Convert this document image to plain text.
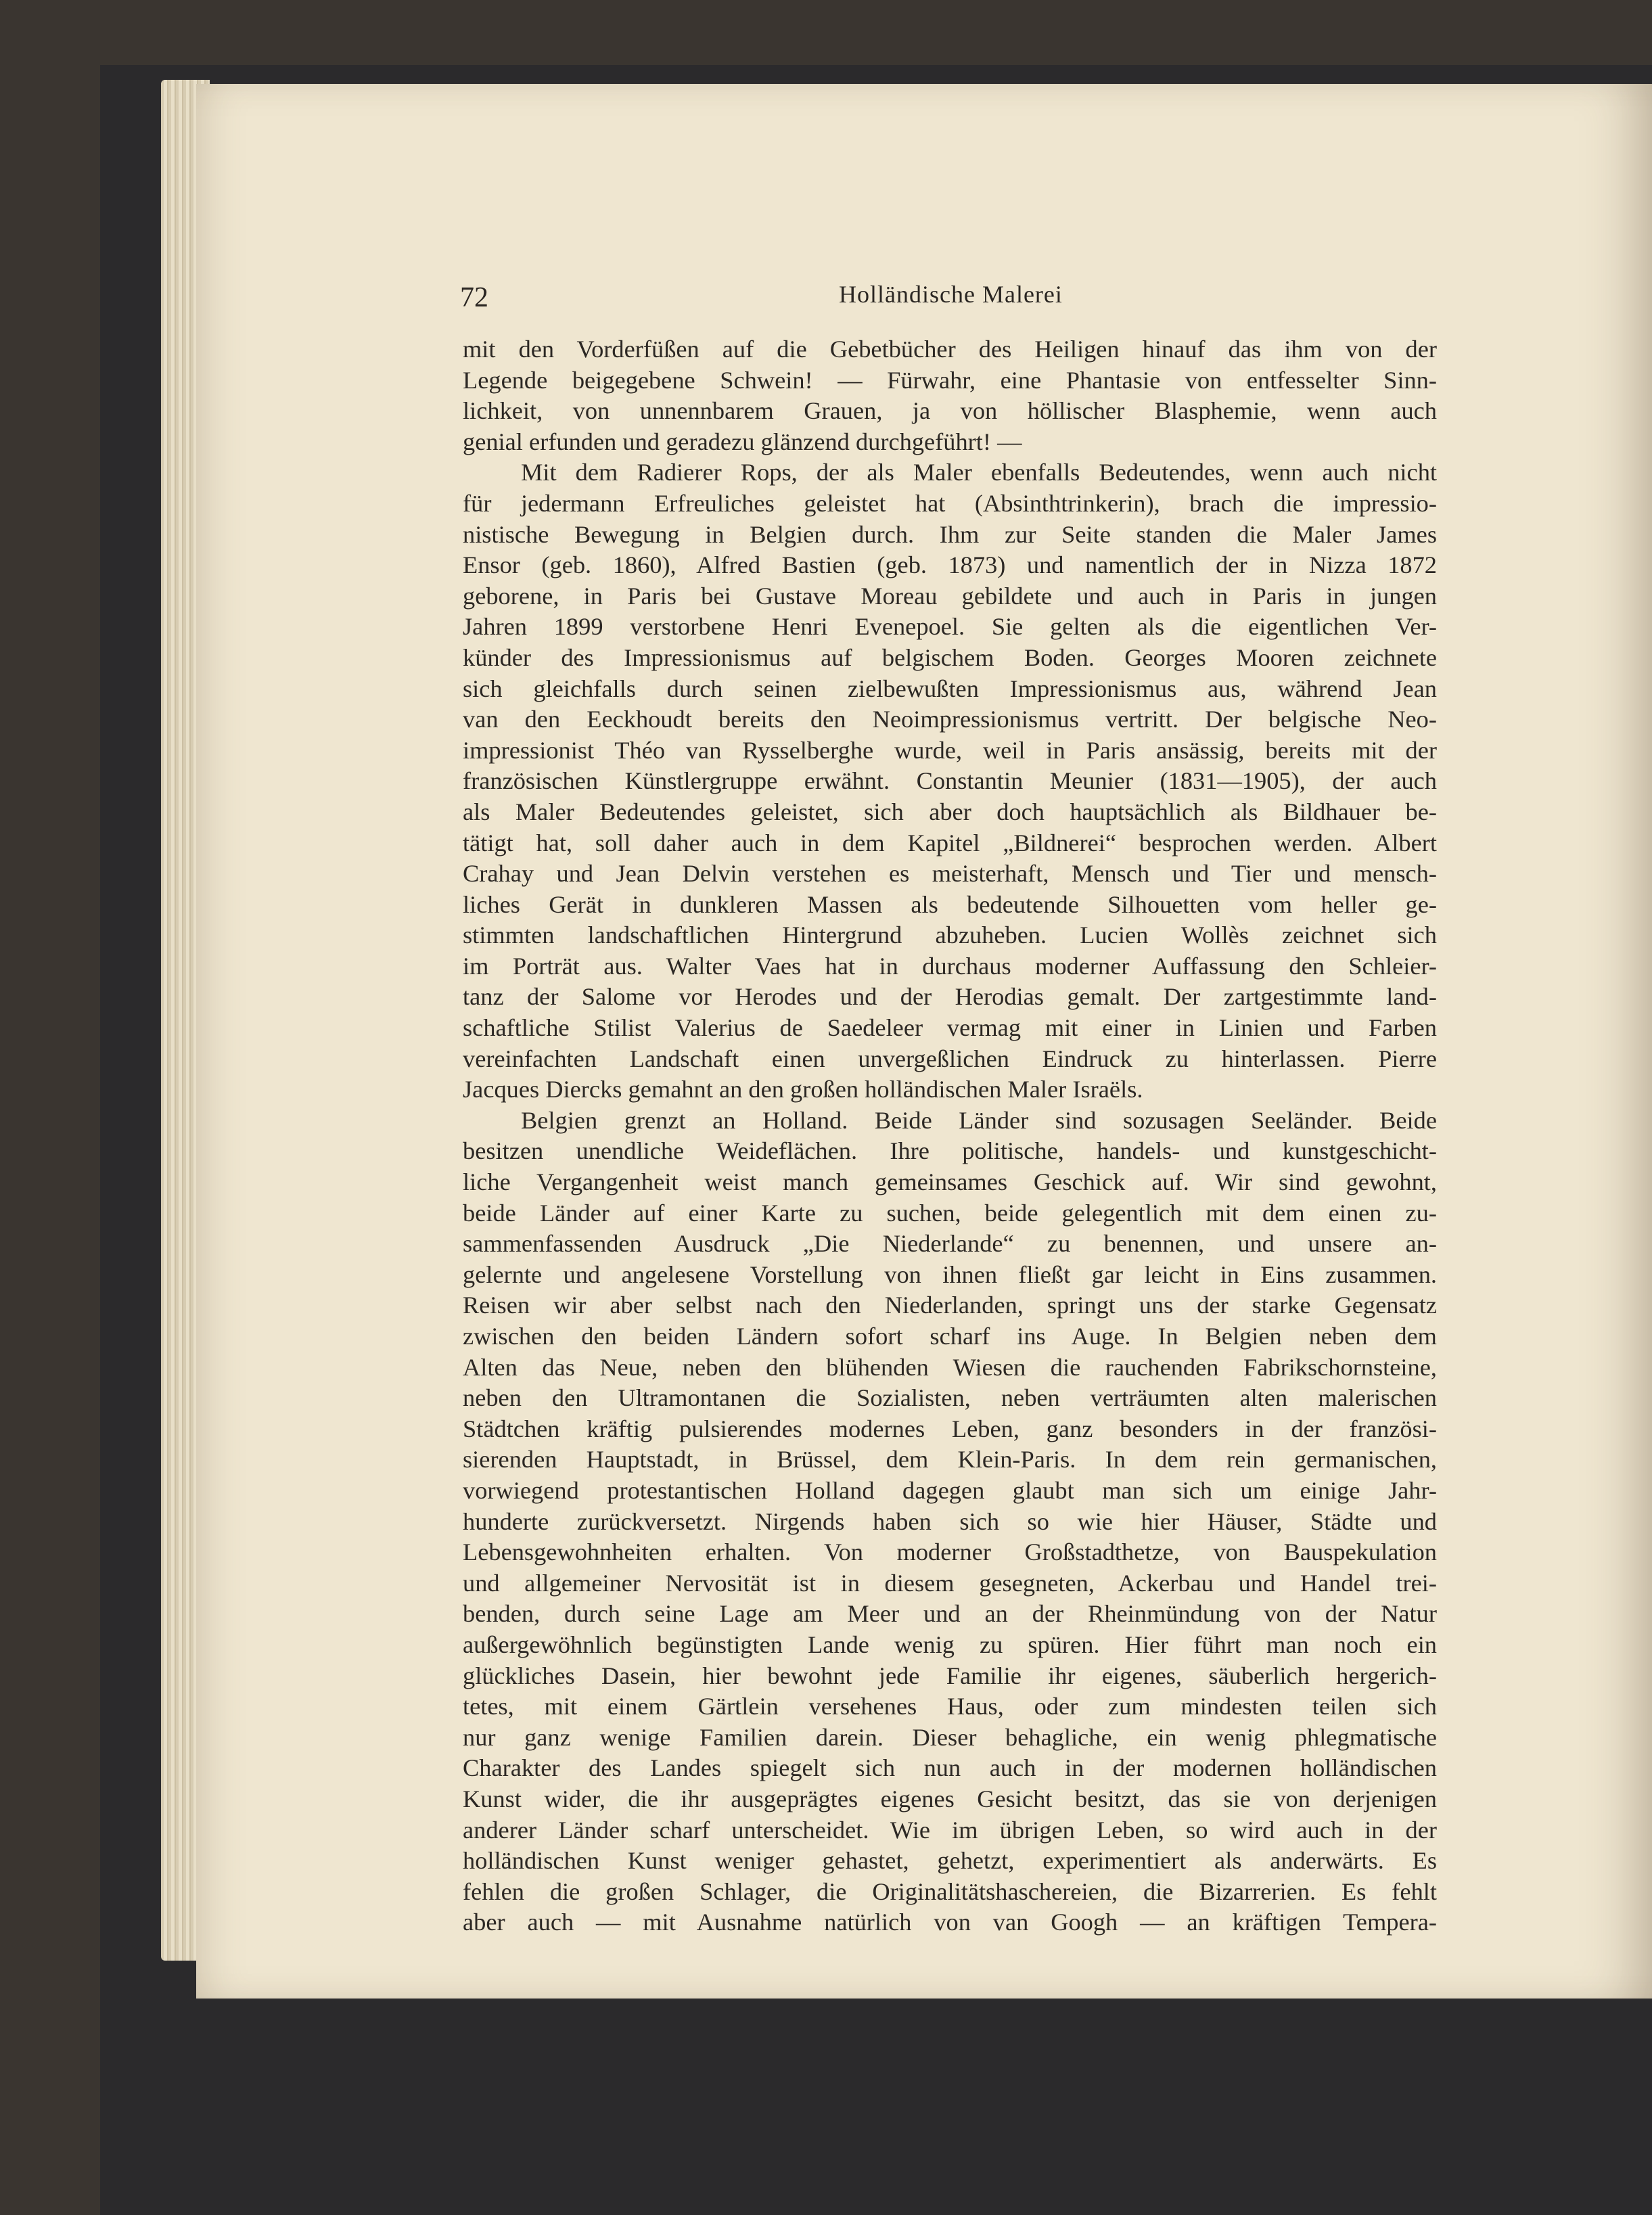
72	Holländische Malerei
mit den Vorderfüßen auf die Gebetbücher des Heiligen hinauf das ihm von der
Legende beigegebene Schwein! — Fürwahr, eine Phantasie von entfesselter Sinn-
lichkeit, von unnennbarem Grauen, ja von höllischer Blasphemie, wenn auch
genial erfunden und geradezu glänzend durchgeführt! —
Mit dem Radierer Rops, der als Maler ebenfalls Bedeutendes, wenn auch nicht
für jedermann Erfreuliches geleistet hat (Absinthtrinkerin), brach die impressio-
nistische Bewegung in Belgien durch. Ihm zur Seite standen die Maler James
Ensor (geb. 1860), Alfred Bastien (geb. 1873) und namentlich der in Nizza 1872
geborene, in Paris bei Gustave Moreau gebildete und auch in Paris in jungen
Jahren 1899 verstorbene Henri Evenepoel. Sie gelten als die eigentlichen Ver-
künder des Impressionismus auf belgischem Boden. Georges Mooren zeichnete
sich gleichfalls durch seinen zielbewußten Impressionismus aus, während Jean
van den Eeckhoudt bereits den Neoimpressionismus vertritt. Der belgische Neo-
impressionist Théo van Rysselberghe wurde, weil in Paris ansässig, bereits mit der
französischen Künstlergruppe erwähnt. Constantin Meunier (1831—1905), der auch
als Maler Bedeutendes geleistet, sich aber doch hauptsächlich als Bildhauer be-
tätigt hat, soll daher auch in dem Kapitel „Bildnerei“ besprochen werden. Albert
Crahay und Jean Delvin verstehen es meisterhaft, Mensch und Tier und mensch-
liches Gerät in dunkleren Massen als bedeutende Silhouetten vom heller ge-
stimmten landschaftlichen Hintergrund abzuheben. Lucien Wollès zeichnet sich
im Porträt aus. Walter Vaes hat in durchaus moderner Auffassung den Schleier-
tanz der Salome vor Herodes und der Herodias gemalt. Der zartgestimmte land-
schaftliche Stilist Valerius de Saedeleer vermag mit einer in Linien und Farben
vereinfachten Landschaft einen unvergeßlichen Eindruck zu hinterlassen. Pierre
Jacques Diercks gemahnt an den großen holländischen Maler Israëls.
Belgien grenzt an Holland. Beide Länder sind sozusagen Seeländer. Beide
besitzen unendliche Weideflächen. Ihre politische, handels- und kunstgeschicht-
liche Vergangenheit weist manch gemeinsames Geschick auf. Wir sind gewohnt,
beide Länder auf einer Karte zu suchen, beide gelegentlich mit dem einen zu-
sammenfassenden Ausdruck „Die Niederlande“ zu benennen, und unsere an-
gelernte und angelesene Vorstellung von ihnen fließt gar leicht in Eins zusammen.
Reisen wir aber selbst nach den Niederlanden, springt uns der starke Gegensatz
zwischen den beiden Ländern sofort scharf ins Auge. In Belgien neben dem
Alten das Neue, neben den blühenden Wiesen die rauchenden Fabrikschornsteine,
neben den Ultramontanen die Sozialisten, neben verträumten alten malerischen
Städtchen kräftig pulsierendes modernes Leben, ganz besonders in der französi-
sierenden Hauptstadt, in Brüssel, dem Klein-Paris. In dem rein germanischen,
vorwiegend protestantischen Holland dagegen glaubt man sich um einige Jahr-
hunderte zurückversetzt. Nirgends haben sich so wie hier Häuser, Städte und
Lebensgewohnheiten erhalten. Von moderner Großstadthetze, von Bauspekulation
und allgemeiner Nervosität ist in diesem gesegneten, Ackerbau und Handel trei-
benden, durch seine Lage am Meer und an der Rheinmündung von der Natur
außergewöhnlich begünstigten Lande wenig zu spüren. Hier führt man noch ein
glückliches Dasein, hier bewohnt jede Familie ihr eigenes, säuberlich hergerich-
tetes, mit einem Gärtlein versehenes Haus, oder zum mindesten teilen sich
nur ganz wenige Familien darein. Dieser behagliche, ein wenig phlegmatische
Charakter des Landes spiegelt sich nun auch in der modernen holländischen
Kunst wider, die ihr ausgeprägtes eigenes Gesicht besitzt, das sie von derjenigen
anderer Länder scharf unterscheidet. Wie im übrigen Leben, so wird auch in der
holländischen Kunst weniger gehastet, gehetzt, experimentiert als anderwärts. Es
fehlen die großen Schlager, die Originalitätshaschereien, die Bizarrerien. Es fehlt
aber auch — mit Ausnahme natürlich von van Googh — an kräftigen Tempera-
